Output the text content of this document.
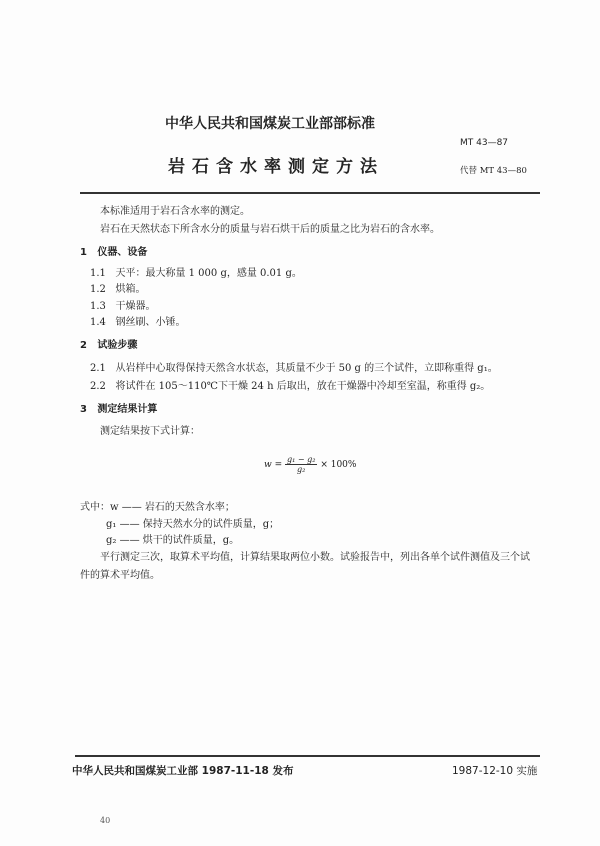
中华人民共和国煤炭工业部部标准
MT 43—87
岩石含水率测定方法	代替 MT 43—80
本标准适用于岩石含水率的测定。
岩石在天然状态下所含水分的质量与岩石烘干后的质量之比为岩石的含水率。
1 仪器、设备
1.1 天平：最大称量 1 000 g，感量 0.01 g。
1.2 烘箱。
1.3 干燥器。
1.4 钢丝刷、小锤。
2 试验步骤
2.1 从岩样中心取得保持天然含水状态，其质量不少于 50 g 的三个试件，立即称重得 g₁。
2.2 将试件在 105～110℃下干燥 24 h 后取出，放在干燥器中冷却至室温，称重得 g₂。
3 测定结果计算
测定结果按下式计算：
$w = \frac{\text{g₁ − g₂}}{\text{g₂}} \times 100\%$
式中：w —— 岩石的天然含水率；
g₁ —— 保持天然水分的试件质量，g；
g₂ —— 烘干的试件质量，g。
平行测定三次，取算术平均值，计算结果取两位小数。试验报告中，列出各单个试件测值及三个试
件的算术平均值。
中华人民共和国煤炭工业部 1987-11-18 发布	1987-12-10 实施
40
